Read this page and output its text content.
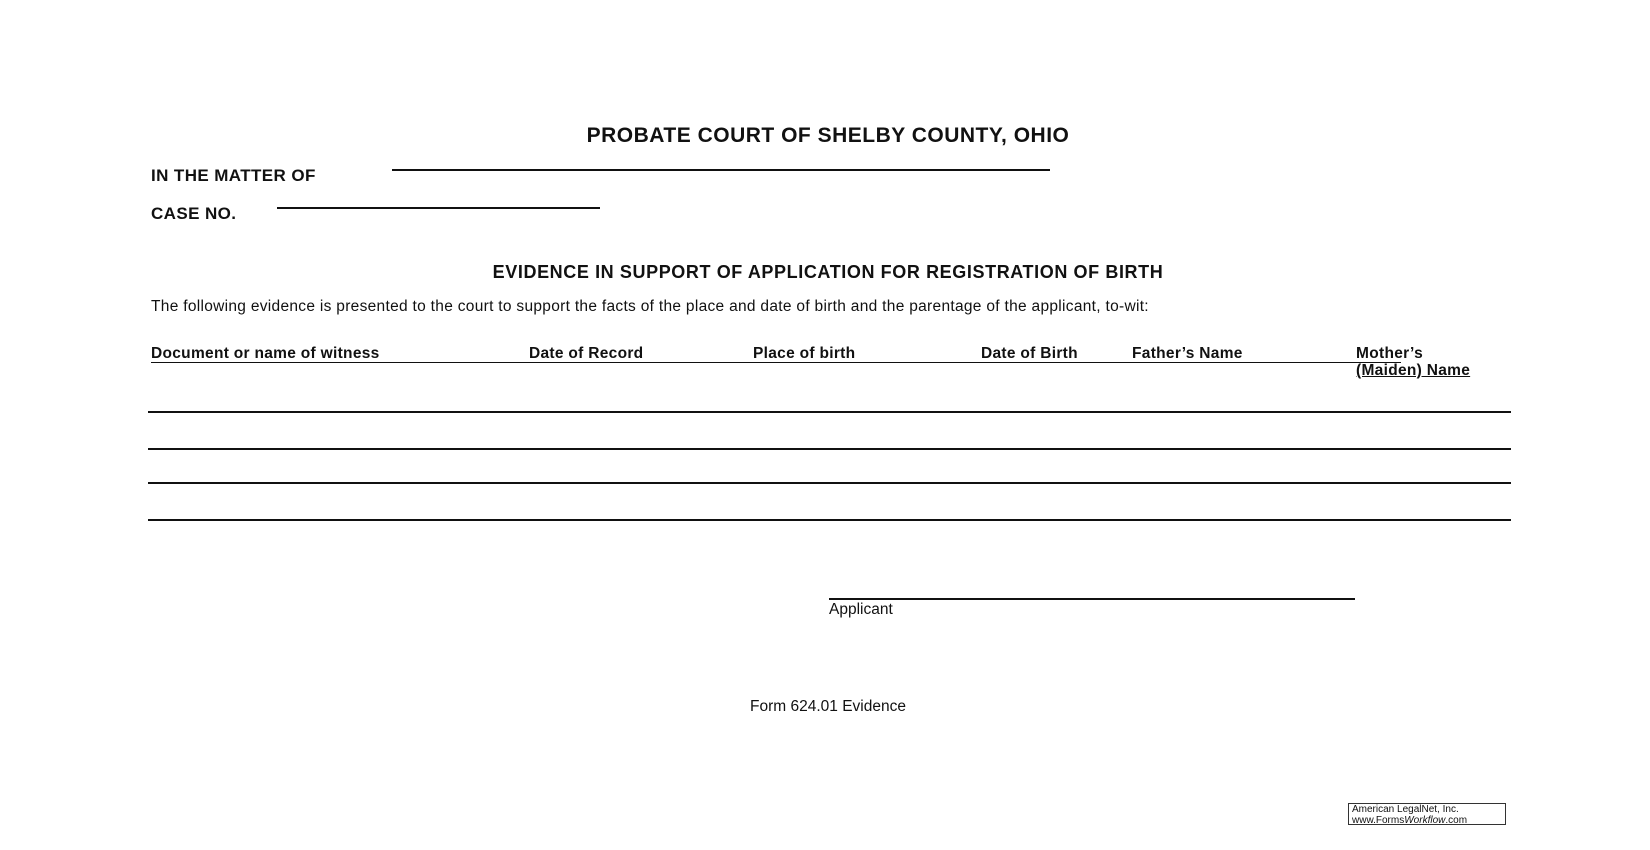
PROBATE COURT OF SHELBY COUNTY, OHIO
IN THE MATTER OF
CASE NO.
EVIDENCE IN SUPPORT OF APPLICATION FOR REGISTRATION OF BIRTH
The following evidence is presented to the court to support the facts of the place and date of birth and the parentage of the applicant, to-wit:
Document or name of witness	Date of Record	Place of birth	Date of Birth	Father’s Name	Mother’s
(Maiden) Name
Applicant
Form 624.01 Evidence
American LegalNet, Inc.
www.FormsWorkflow.com
